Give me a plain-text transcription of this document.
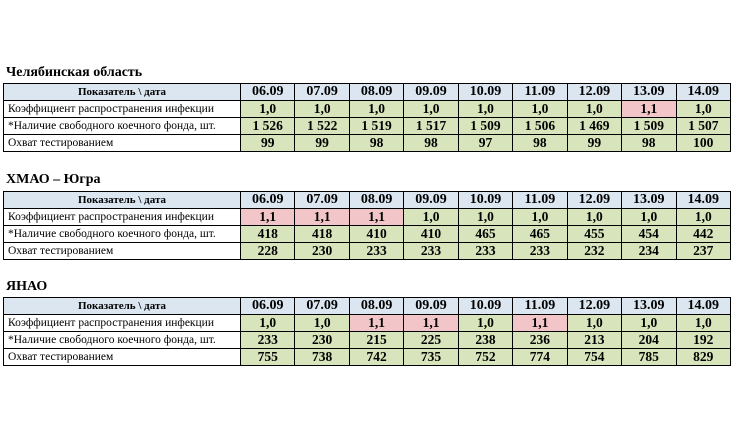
Челябинская область
Показатель \ дата	06.09	07.09	08.09	09.09	10.09	11.09	12.09	13.09	14.09
Коэффициент распространения инфекции	1,0	1,0	1,0	1,0	1,0	1,0	1,0	1,1	1,0
*Наличие свободного коечного фонда, шт.	1 526	1 522	1 519	1 517	1 509	1 506	1 469	1 509	1 507
Охват тестированием	99	99	98	98	97	98	99	98	100
ХМАО – Югра
Показатель \ дата	06.09	07.09	08.09	09.09	10.09	11.09	12.09	13.09	14.09
Коэффициент распространения инфекции	1,1	1,1	1,1	1,0	1,0	1,0	1,0	1,0	1,0
*Наличие свободного коечного фонда, шт.	418	418	410	410	465	465	455	454	442
Охват тестированием	228	230	233	233	233	233	232	234	237
ЯНАО
Показатель \ дата	06.09	07.09	08.09	09.09	10.09	11.09	12.09	13.09	14.09
Коэффициент распространения инфекции	1,0	1,0	1,1	1,1	1,0	1,1	1,0	1,0	1,0
*Наличие свободного коечного фонда, шт.	233	230	215	225	238	236	213	204	192
Охват тестированием	755	738	742	735	752	774	754	785	829
